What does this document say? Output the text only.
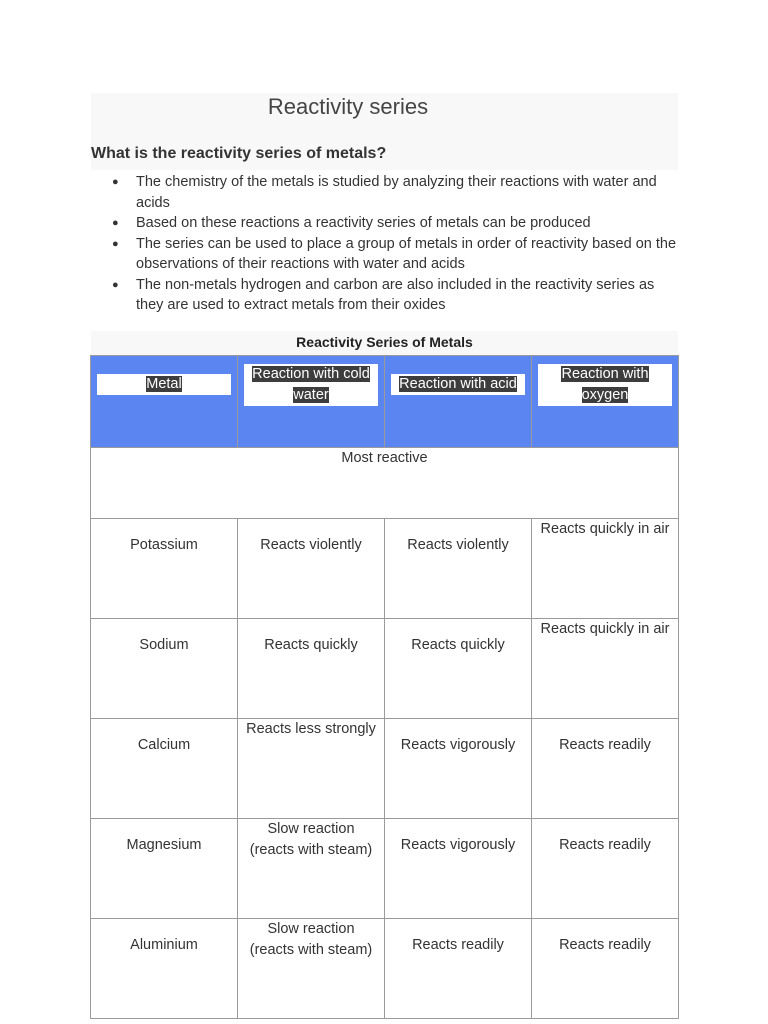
Reactivity series
What is the reactivity series of metals?
● The chemistry of the metals is studied by analyzing their reactions with water and acids
● Based on these reactions a reactivity series of metals can be produced
● The series can be used to place a group of metals in order of reactivity based on the observations of their reactions with water and acids
● The non-metals hydrogen and carbon are also included in the reactivity series as they are used to extract metals from their oxides
Reactivity Series of Metals
Metal	Reaction with cold water	Reaction with acid	Reaction with oxygen
Most reactive			
Potassium	Reacts violently	Reacts violently	Reacts quickly in air
Sodium	Reacts quickly	Reacts quickly	Reacts quickly in air
Calcium	Reacts less strongly	Reacts vigorously	Reacts readily
Magnesium	Slow reaction (reacts with steam)	Reacts vigorously	Reacts readily
Aluminium	Slow reaction (reacts with steam)	Reacts readily	Reacts readily
